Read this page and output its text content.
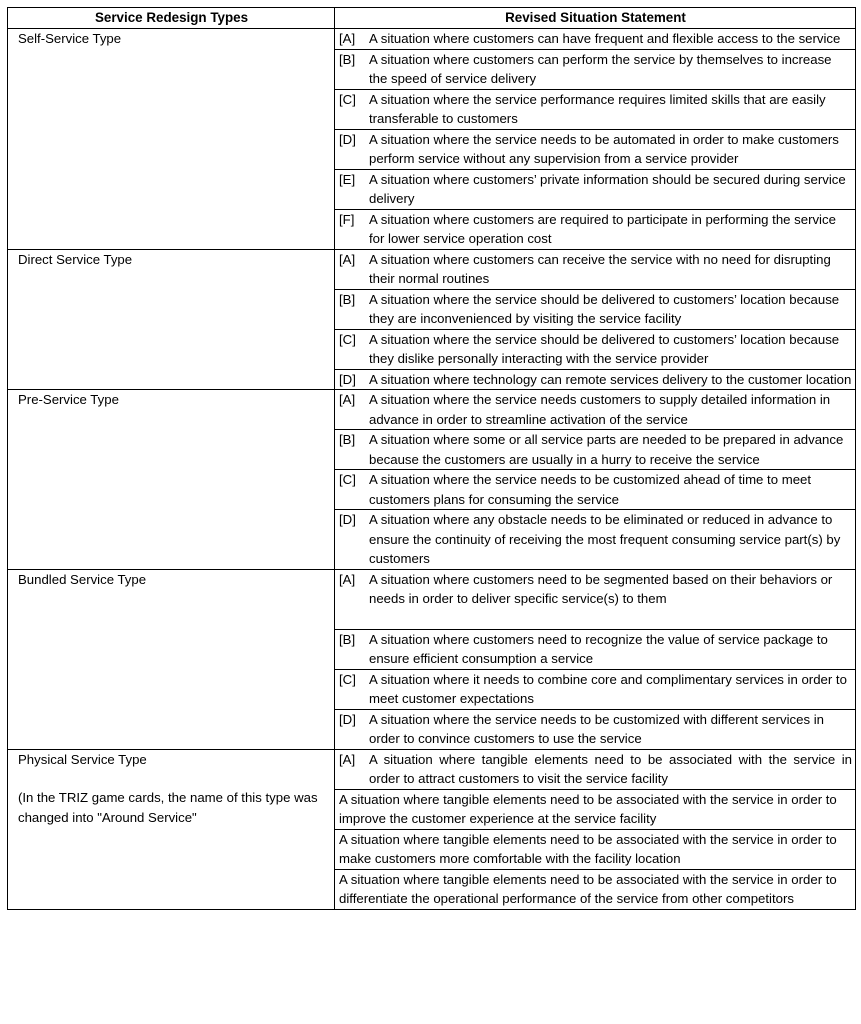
Service Redesign Types	Revised Situation Statement
Self-Service Type	[A] A situation where customers can have frequent and flexible access to the service

	[B] A situation where customers can perform the service by themselves to increase the speed of service delivery

	[C] A situation where the service performance requires limited skills that are easily transferable to customers

	[D] A situation where the service needs to be automated in order to make customers perform service without any supervision from a service provider

	[E] A situation where customers’ private information should be secured during service delivery

	[F] A situation where customers are required to participate in performing the service for lower service operation cost

Direct Service Type	[A] A situation where customers can receive the service with no need for disrupting their normal routines

	[B] A situation where the service should be delivered to customers’ location because they are inconvenienced by visiting the service facility

	[C] A situation where the service should be delivered to customers’ location because they dislike personally interacting with the service provider

	[D] A situation where technology can remote services delivery to the customer location

Pre-Service Type	[A] A situation where the service needs customers to supply detailed information in advance in order to streamline activation of the service

	[B] A situation where some or all service parts are needed to be prepared in advance because the customers are usually in a hurry to receive the service

	[C] A situation where the service needs to be customized ahead of time to meet customers plans for consuming the service

	[D] A situation where any obstacle needs to be eliminated or reduced in advance to ensure the continuity of receiving the most frequent consuming service part(s) by customers

Bundled Service Type	[A] A situation where customers need to be segmented based on their behaviors or needs in order to deliver specific service(s) to them

	[B] A situation where customers need to recognize the value of service package to ensure efficient consumption a service

	[C] A situation where it needs to combine core and complimentary services in order to meet customer expectations

	[D] A situation where the service needs to be customized with different services in order to convince customers to use the service

Physical Service Type
(In the TRIZ game cards, the name of this type was changed into "Around Service"	[A] A situation where tangible elements need to be associated with the service in order to attract customers to visit the service facility

	A situation where tangible elements need to be associated with the service in order to improve the customer experience at the service facility
	A situation where tangible elements need to be associated with the service in order to make customers more comfortable with the facility location
	A situation where tangible elements need to be associated with the service in order to differentiate the operational performance of the service from other competitors
